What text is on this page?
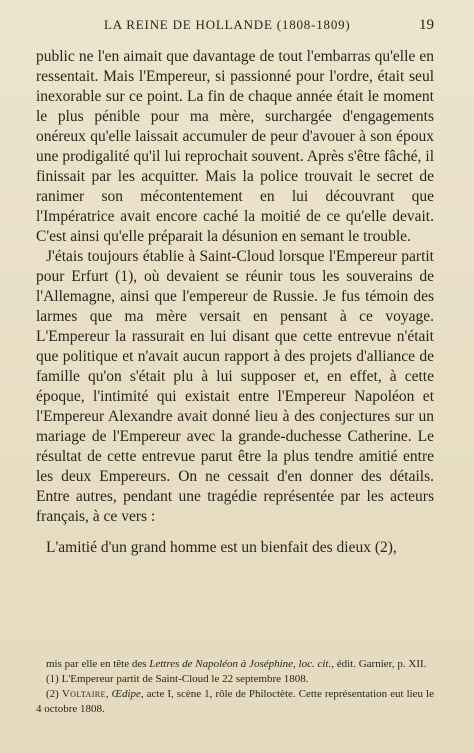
LA REINE DE HOLLANDE (1808-1809)	19

public ne l'en aimait que davantage de tout l'embarras qu'elle en ressentait. Mais l'Empereur, si passionné pour l'ordre, était seul inexorable sur ce point. La fin de chaque année était le moment le plus pénible pour ma mère, surchargée d'engagements onéreux qu'elle laissait accumuler de peur d'avouer à son époux une prodigalité qu'il lui reprochait souvent. Après s'être fâché, il finissait par les acquitter. Mais la police trouvait le secret de ranimer son mécontentement en lui découvrant que l'Impératrice avait encore caché la moitié de ce qu'elle devait. C'est ainsi qu'elle préparait la désunion en semant le trouble.

J'étais toujours établie à Saint-Cloud lorsque l'Empereur partit pour Erfurt (1), où devaient se réunir tous les souverains de l'Allemagne, ainsi que l'empereur de Russie. Je fus témoin des larmes que ma mère versait en pensant à ce voyage. L'Empereur la rassurait en lui disant que cette entrevue n'était que politique et n'avait aucun rapport à des projets d'alliance de famille qu'on s'était plu à lui supposer et, en effet, à cette époque, l'intimité qui existait entre l'Empereur Napoléon et l'Empereur Alexandre avait donné lieu à des conjectures sur un mariage de l'Empereur avec la grande-duchesse Catherine. Le résultat de cette entrevue parut être la plus tendre amitié entre les deux Empereurs. On ne cessait d'en donner des détails. Entre autres, pendant une tragédie représentée par les acteurs français, à ce vers :

L'amitié d'un grand homme est un bienfait des dieux (2),

mis par elle en tête des Lettres de Napoléon à Joséphine, loc. cit., édit. Garnier, p. XII.

(1) L'Empereur partit de Saint-Cloud le 22 septembre 1808.

(2) Voltaire, Œdipe, acte I, scène 1, rôle de Philoctète. Cette représentation eut lieu le 4 octobre 1808.
